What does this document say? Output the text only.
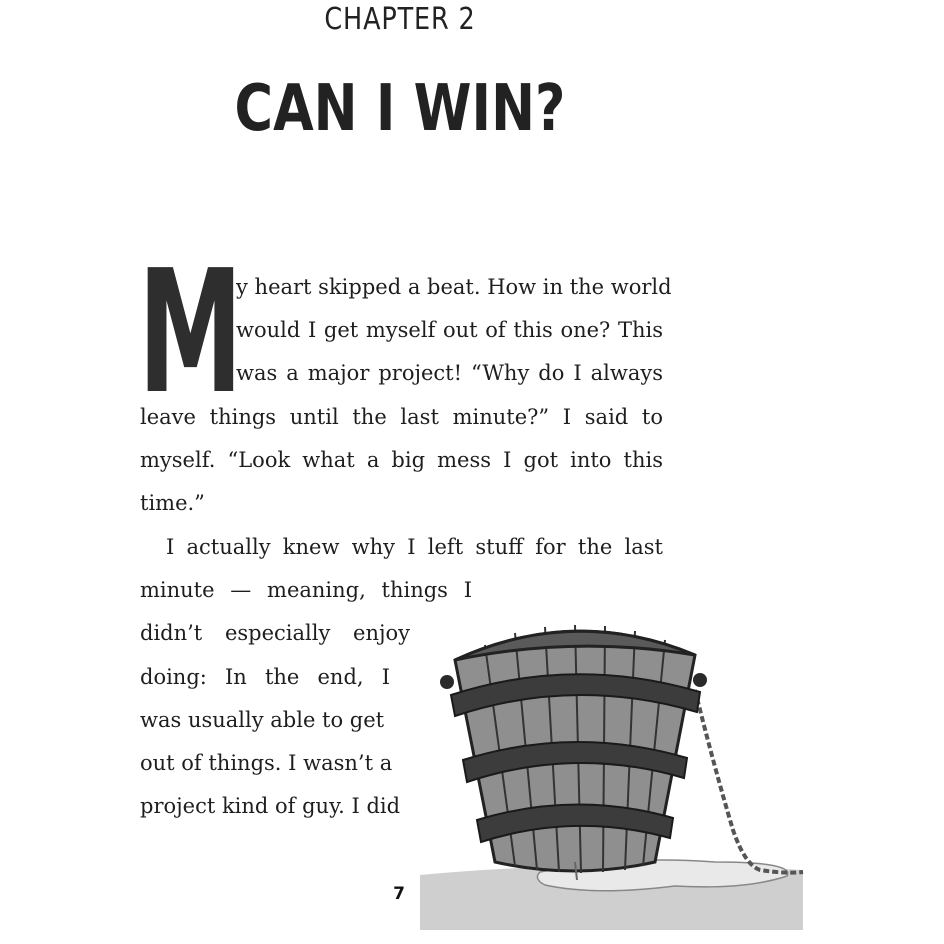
CHAPTER 2
CAN I WIN?
M
y heart skipped a beat. How in the world
would I get myself out of this one? This
was a major project! “Why do I always
leave things until the last minute?” I said to
myself. “Look what a big mess I got into this
time.”
I actually knew why I left stuff for the last
minute — meaning, things I
didn’t especially enjoy
doing: In the end, I
was usually able to get
out of things. I wasn’t a
project kind of guy. I did
7
